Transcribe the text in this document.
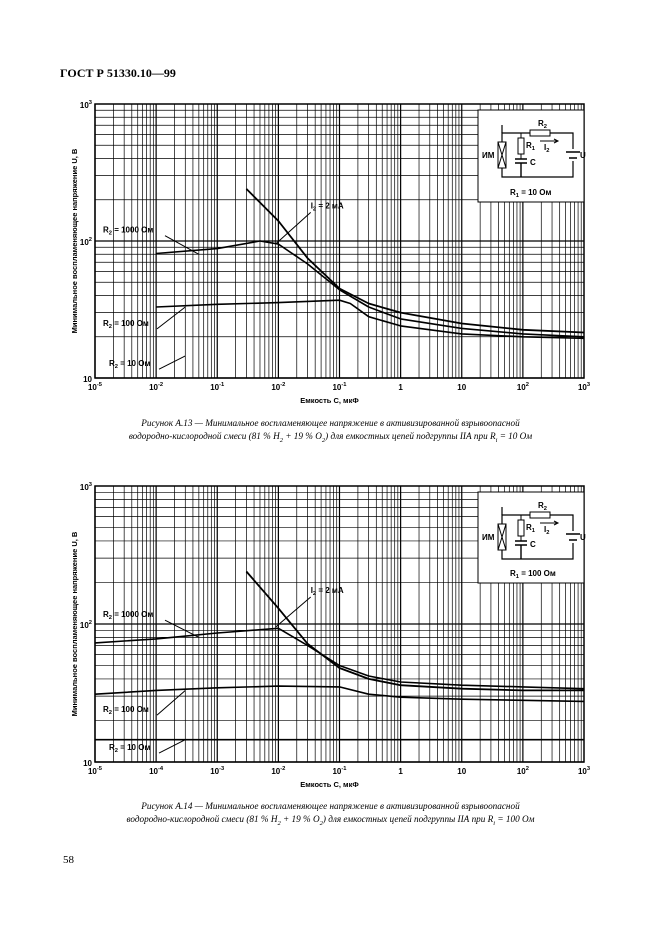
ГОСТ Р 51330.10—99
$10^{-2}$	$10^{-1}$
$10^{-5}$	$10^{-2}$	$10^{-1}$	1	10	$10^2$	$10^3$
$10^3$
$10^2$
10
Емкость С, мкФ
Минимальное воспламеняющее напряжение U, В	ИМ
$R_2$
$R_1$
C
$I_2$	U
$R_1 = 10$ Ом
$I_2 = 2$ мА
$R_2 = 1000$ Ом
$R_2 = 100$ Ом
$R_2 = 10$ Ом
Рисунок А.13 — Минимальное воспламеняющее напряжение в активизированной взрывоопасной
водородно-кислородной смеси (81 % $H_2 + 19$ % $O_2$) для емкостных цепей подгруппы IIА при $R_i = 10$ Ом
$10^{-5}$	$10^{-4}$	$10^{-3}$	$10^{-2}$	$10^{-1}$	1	10	$10^2$	$10^3$
$10^3$
$10^2$
10
Емкость С, мкФ
Минимальное воспламеняющее напряжение U, В	ИМ
$R_2$
$R_1$
C
$I_2$	U
$R_1 = 100$ Ом
$I_2 = 2$ мА
$R_2 = 1000$ Ом
$R_2 = 100$ Ом
$R_2 = 10$ Ом
Рисунок А.14 — Минимальное воспламеняющее напряжение в активизированной взрывоопасной
водородно-кислородной смеси (81 % $H_2 + 19$ % $O_2$) для емкостных цепей подгруппы IIА при $R_i = 100$ Ом
58
